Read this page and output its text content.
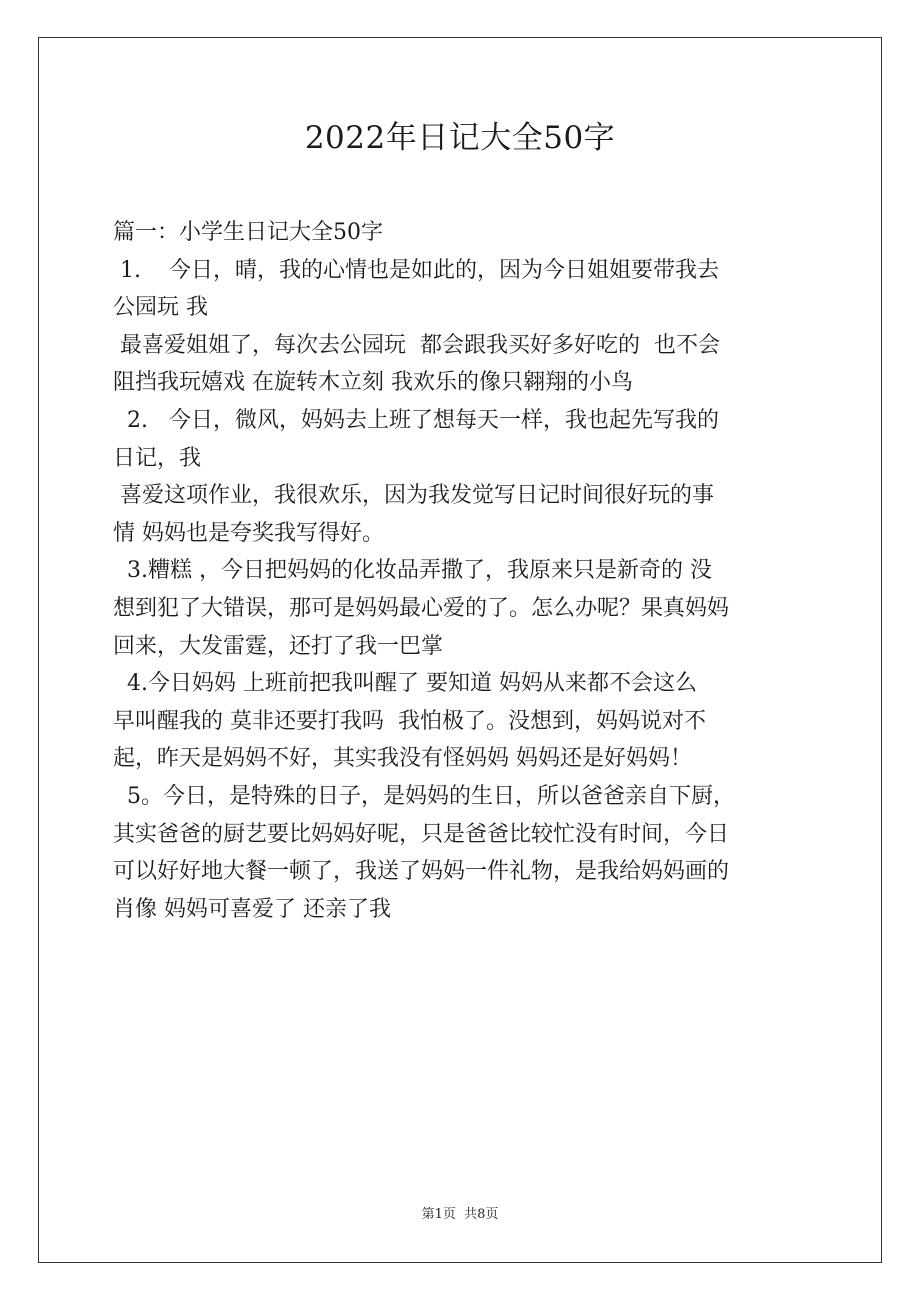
2022年日记大全50字
篇一：小学生日记大全50字
1.    今日，晴，我的心情也是如此的，因为今日姐姐要带我去
公园玩 我
最喜爱姐姐了，每次去公园玩  都会跟我买好多好吃的  也不会
阻挡我玩嬉戏 在旋转木立刻 我欢乐的像只翱翔的小鸟
2.   今日，微风，妈妈去上班了想每天一样，我也起先写我的
日记，我
喜爱这项作业，我很欢乐，因为我发觉写日记时间很好玩的事
情 妈妈也是夸奖我写得好。
3.糟糕 ，今日把妈妈的化妆品弄撒了，我原来只是新奇的 没
想到犯了大错误，那可是妈妈最心爱的了。怎么办呢？果真妈妈
回来，大发雷霆，还打了我一巴掌
4.今日妈妈 上班前把我叫醒了 要知道 妈妈从来都不会这么
早叫醒我的 莫非还要打我吗  我怕极了。没想到，妈妈说对不
起，昨天是妈妈不好，其实我没有怪妈妈 妈妈还是好妈妈！
5。今日，是特殊的日子，是妈妈的生日，所以爸爸亲自下厨，
其实爸爸的厨艺要比妈妈好呢，只是爸爸比较忙没有时间，今日
可以好好地大餐一顿了，我送了妈妈一件礼物，是我给妈妈画的
肖像 妈妈可喜爱了 还亲了我
第1页  共8页
